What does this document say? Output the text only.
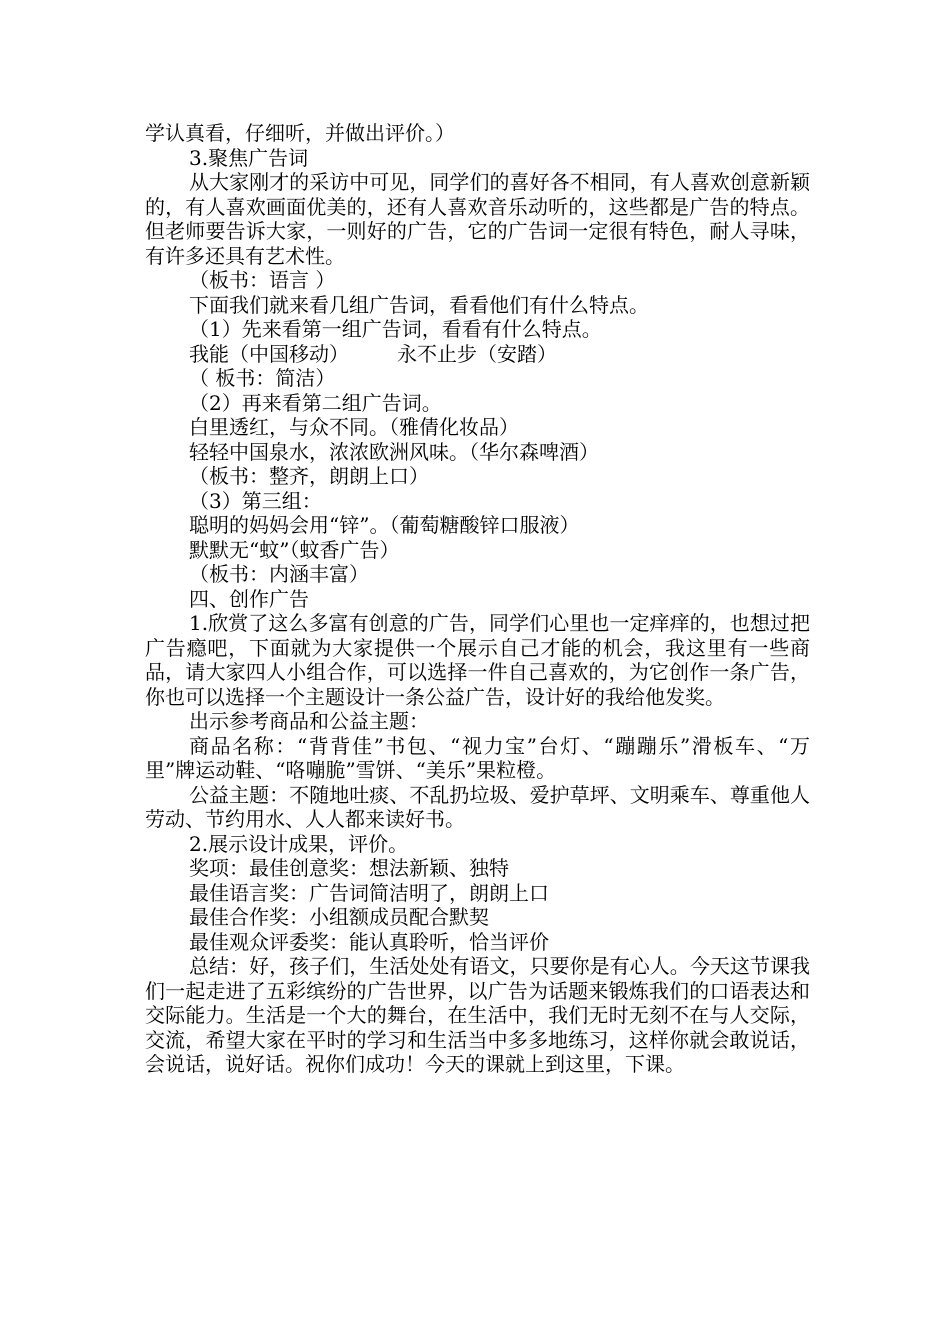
学认真看，仔细听，并做出评价。）

3.聚焦广告词

从大家刚才的采访中可见，同学们的喜好各不相同，有人喜欢创意新颖的，有人喜欢画面优美的，还有人喜欢音乐动听的，这些都是广告的特点。但老师要告诉大家，一则好的广告，它的广告词一定很有特色，耐人寻味，有许多还具有艺术性。

（板书：语言 ）

下面我们就来看几组广告词，看看他们有什么特点。

（1）先来看第一组广告词，看看有什么特点。

我能（中国移动） 永不止步（安踏）

（ 板书：简洁）

（2）再来看第二组广告词。

白里透红，与众不同。（雅倩化妆品）

轻轻中国泉水，浓浓欧洲风味。（华尔森啤酒）

（板书：整齐，朗朗上口）

（3）第三组：

聪明的妈妈会用“锌”。（葡萄糖酸锌口服液）

默默无“蚊”（蚊香广告）

（板书：内涵丰富）

四、创作广告

1.欣赏了这么多富有创意的广告，同学们心里也一定痒痒的，也想过把广告瘾吧，下面就为大家提供一个展示自己才能的机会，我这里有一些商品，请大家四人小组合作，可以选择一件自己喜欢的，为它创作一条广告，你也可以选择一个主题设计一条公益广告，设计好的我给他发奖。

出示参考商品和公益主题：

商品名称：“背背佳”书包、“视力宝”台灯、“蹦蹦乐”滑板车、“万里”牌运动鞋、“咯嘣脆”雪饼、“美乐”果粒橙。

公益主题：不随地吐痰、不乱扔垃圾、爱护草坪、文明乘车、尊重他人劳动、节约用水、人人都来读好书。

2.展示设计成果，评价。

奖项：最佳创意奖：想法新颖、独特

最佳语言奖：广告词简洁明了，朗朗上口

最佳合作奖：小组额成员配合默契

最佳观众评委奖：能认真聆听，恰当评价

总结：好，孩子们，生活处处有语文，只要你是有心人。今天这节课我们一起走进了五彩缤纷的广告世界，以广告为话题来锻炼我们的口语表达和交际能力。生活是一个大的舞台，在生活中，我们无时无刻不在与人交际，交流，希望大家在平时的学习和生活当中多多地练习，这样你就会敢说话，会说话，说好话。祝你们成功！今天的课就上到这里，下课。
